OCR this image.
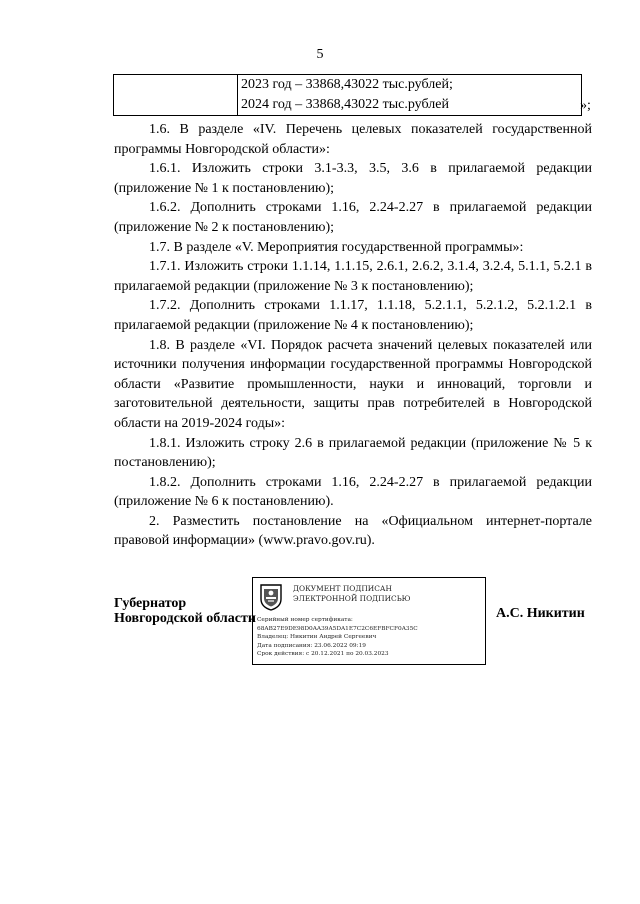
5

2023 год – 33868,43022 тыс.рублей;
2024 год – 33868,43022 тыс.рублей	»;

1.6. В разделе «IV. Перечень целевых показателей государственной программы Новгородской области»:

1.6.1. Изложить строки 3.1-3.3, 3.5, 3.6 в прилагаемой редакции (приложение № 1 к постановлению);

1.6.2. Дополнить строками 1.16, 2.24-2.27 в прилагаемой редакции (приложение № 2 к постановлению);

1.7. В разделе «V. Мероприятия государственной программы»:

1.7.1. Изложить строки 1.1.14, 1.1.15, 2.6.1, 2.6.2, 3.1.4, 3.2.4, 5.1.1, 5.2.1 в прилагаемой редакции (приложение № 3 к постановлению);

1.7.2. Дополнить строками 1.1.17, 1.1.18, 5.2.1.1, 5.2.1.2, 5.2.1.2.1 в прилагаемой редакции (приложение № 4 к постановлению);

1.8. В разделе «VI. Порядок расчета значений целевых показателей или источники получения информации государственной программы Новгородской области «Развитие промышленности, науки и инноваций, торговли и заготовительной деятельности, защиты прав потребителей в Новгородской области на 2019-2024 годы»:

1.8.1. Изложить строку 2.6 в прилагаемой редакции (приложение № 5 к постановлению);

1.8.2. Дополнить строками 1.16, 2.24-2.27 в прилагаемой редакции (приложение № 6 к постановлению).

2. Разместить постановление на «Официальном интернет-портале правовой информации» (www.pravo.gov.ru).

Губернатор
Новгородской области
ДОКУМЕНТ ПОДПИСАН
ЭЛЕКТРОННОЙ ПОДПИСЬЮ
Серийный номер сертификата:
68AB27E9DE98D0AA39A5DA1E7C2C6EFBFCF0A35C
Владелец: Никитин Андрей Сергеевич
Дата подписания: 23.06.2022 09:19
Срок действия: с 20.12.2021 по 20.03.2023
А.С. Никитин
